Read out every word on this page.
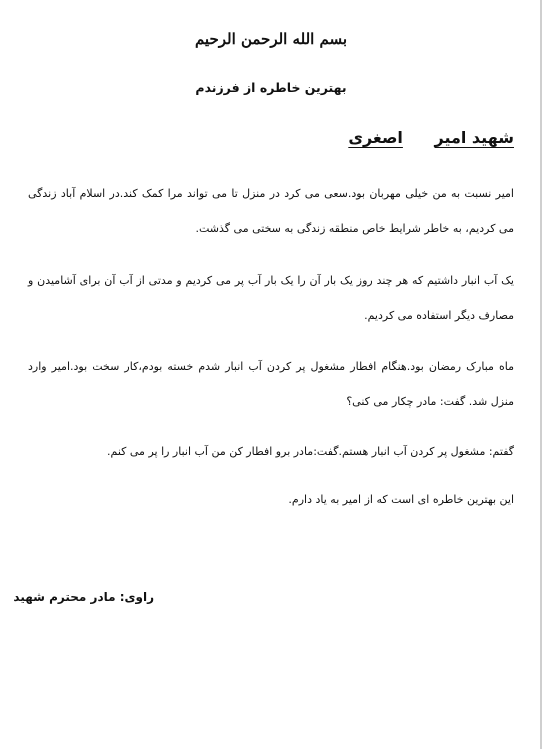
بسم الله الرحمن الرحیم
بهترین خاطره از فرزندم
شهید امیر اصغری
امیر نسبت به من خیلی مهربان بود.سعی می کرد در منزل تا می تواند مرا کمک کند.در اسلام آباد زندگی می کردیم، به خاطر شرایط خاص منطقه زندگی به سختی می گذشت.
یک آب انبار داشتیم که هر چند روز یک بار آن را یک بار آب پر می کردیم و مدتی از آب آن برای آشامیدن و مصارف دیگر استفاده می کردیم.
ماه مبارک رمضان بود.هنگام افطار مشغول پر کردن آب انبار شدم خسته بودم،کار سخت بود.امیر وارد منزل شد. گفت: مادر چکار می کنی؟
گفتم: مشغول پر کردن آب انبار هستم.گفت:مادر برو افطار کن من آب انبار را پر می کنم.
این بهترین خاطره ای است که از امیر به یاد دارم.
راوی: مادر محترم شهید
